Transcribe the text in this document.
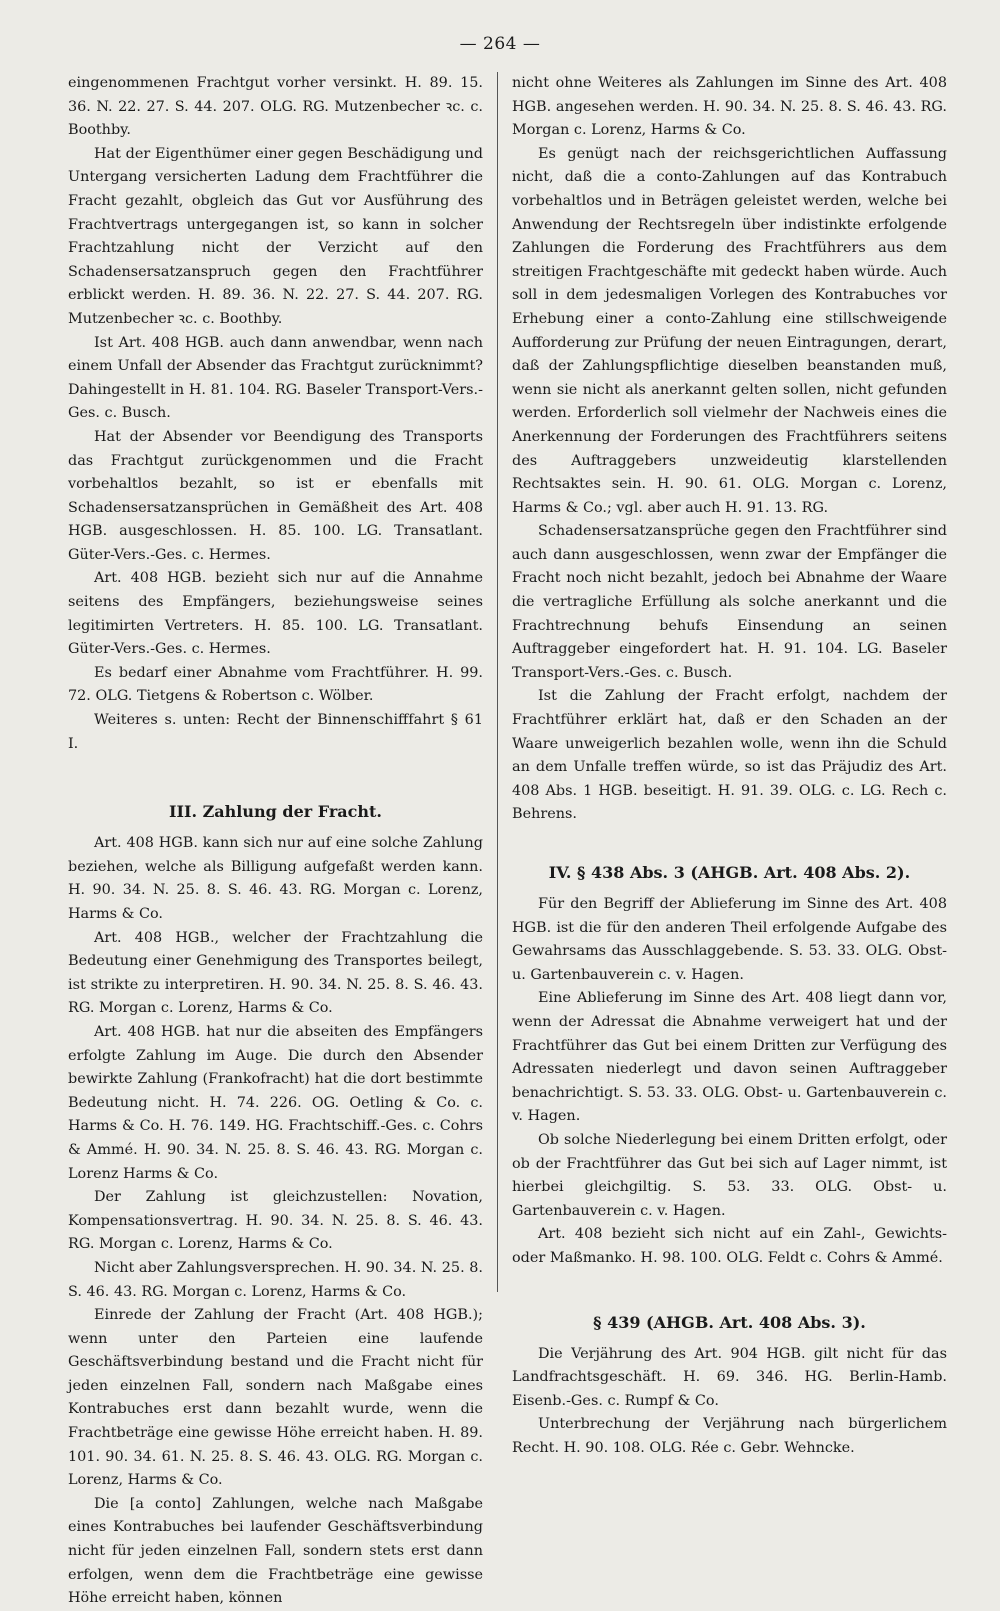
— 264 —

eingenommenen Frachtgut vorher versinkt. H. 89. 15. 36. N. 22. 27. S. 44. 207. OLG. RG. Mutzenbecher ꝛc. c. Boothby.

Hat der Eigenthümer einer gegen Beschädigung und Untergang versicherten Ladung dem Frachtführer die Fracht gezahlt, obgleich das Gut vor Ausführung des Frachtvertrags untergegangen ist, so kann in solcher Frachtzahlung nicht der Verzicht auf den Schadensersatzanspruch gegen den Frachtführer erblickt werden. H. 89. 36. N. 22. 27. S. 44. 207. RG. Mutzenbecher ꝛc. c. Boothby.

Ist Art. 408 HGB. auch dann anwendbar, wenn nach einem Unfall der Absender das Frachtgut zurücknimmt? Dahingestellt in H. 81. 104. RG. Baseler Transport-Vers.-Ges. c. Busch.

Hat der Absender vor Beendigung des Transports das Frachtgut zurückgenommen und die Fracht vorbehaltlos bezahlt, so ist er ebenfalls mit Schadensersatzansprüchen in Gemäßheit des Art. 408 HGB. ausgeschlossen. H. 85. 100. LG. Transatlant. Güter-Vers.-Ges. c. Hermes.

Art. 408 HGB. bezieht sich nur auf die Annahme seitens des Empfängers, beziehungsweise seines legitimirten Vertreters. H. 85. 100. LG. Transatlant. Güter-Vers.-Ges. c. Hermes.

Es bedarf einer Abnahme vom Frachtführer. H. 99. 72. OLG. Tietgens & Robertson c. Wölber.

Weiteres s. unten: Recht der Binnenschifffahrt § 61 I.

III. Zahlung der Fracht.

Art. 408 HGB. kann sich nur auf eine solche Zahlung beziehen, welche als Billigung aufgefaßt werden kann. H. 90. 34. N. 25. 8. S. 46. 43. RG. Morgan c. Lorenz, Harms & Co.

Art. 408 HGB., welcher der Frachtzahlung die Bedeutung einer Genehmigung des Transportes beilegt, ist strikte zu interpretiren. H. 90. 34. N. 25. 8. S. 46. 43. RG. Morgan c. Lorenz, Harms & Co.

Art. 408 HGB. hat nur die abseiten des Empfängers erfolgte Zahlung im Auge. Die durch den Absender bewirkte Zahlung (Frankofracht) hat die dort bestimmte Bedeutung nicht. H. 74. 226. OG. Oetling & Co. c. Harms & Co. H. 76. 149. HG. Frachtschiff.-Ges. c. Cohrs & Ammé. H. 90. 34. N. 25. 8. S. 46. 43. RG. Morgan c. Lorenz Harms & Co.

Der Zahlung ist gleichzustellen: Novation, Kompensationsvertrag. H. 90. 34. N. 25. 8. S. 46. 43. RG. Morgan c. Lorenz, Harms & Co.

Nicht aber Zahlungsversprechen. H. 90. 34. N. 25. 8. S. 46. 43. RG. Morgan c. Lorenz, Harms & Co.

Einrede der Zahlung der Fracht (Art. 408 HGB.); wenn unter den Parteien eine laufende Geschäftsverbindung bestand und die Fracht nicht für jeden einzelnen Fall, sondern nach Maßgabe eines Kontrabuches erst dann bezahlt wurde, wenn die Frachtbeträge eine gewisse Höhe erreicht haben. H. 89. 101. 90. 34. 61. N. 25. 8. S. 46. 43. OLG. RG. Morgan c. Lorenz, Harms & Co.

Die [a conto] Zahlungen, welche nach Maßgabe eines Kontrabuches bei laufender Geschäftsverbindung nicht für jeden einzelnen Fall, sondern stets erst dann erfolgen, wenn dem die Frachtbeträge eine gewisse Höhe erreicht haben, können

nicht ohne Weiteres als Zahlungen im Sinne des Art. 408 HGB. angesehen werden. H. 90. 34. N. 25. 8. S. 46. 43. RG. Morgan c. Lorenz, Harms & Co.

Es genügt nach der reichsgerichtlichen Auffassung nicht, daß die a conto-Zahlungen auf das Kontrabuch vorbehaltlos und in Beträgen geleistet werden, welche bei Anwendung der Rechtsregeln über indistinkte erfolgende Zahlungen die Forderung des Frachtführers aus dem streitigen Frachtgeschäfte mit gedeckt haben würde. Auch soll in dem jedesmaligen Vorlegen des Kontrabuches vor Erhebung einer a conto-Zahlung eine stillschweigende Aufforderung zur Prüfung der neuen Eintragungen, derart, daß der Zahlungspflichtige dieselben beanstanden muß, wenn sie nicht als anerkannt gelten sollen, nicht gefunden werden. Erforderlich soll vielmehr der Nachweis eines die Anerkennung der Forderungen des Frachtführers seitens des Auftraggebers unzweideutig klarstellenden Rechtsaktes sein. H. 90. 61. OLG. Morgan c. Lorenz, Harms & Co.; vgl. aber auch H. 91. 13. RG.

Schadensersatzansprüche gegen den Frachtführer sind auch dann ausgeschlossen, wenn zwar der Empfänger die Fracht noch nicht bezahlt, jedoch bei Abnahme der Waare die vertragliche Erfüllung als solche anerkannt und die Frachtrechnung behufs Einsendung an seinen Auftraggeber eingefordert hat. H. 91. 104. LG. Baseler Transport-Vers.-Ges. c. Busch.

Ist die Zahlung der Fracht erfolgt, nachdem der Frachtführer erklärt hat, daß er den Schaden an der Waare unweigerlich bezahlen wolle, wenn ihn die Schuld an dem Unfalle treffen würde, so ist das Präjudiz des Art. 408 Abs. 1 HGB. beseitigt. H. 91. 39. OLG. c. LG. Rech c. Behrens.

IV. § 438 Abs. 3 (AHGB. Art. 408 Abs. 2).

Für den Begriff der Ablieferung im Sinne des Art. 408 HGB. ist die für den anderen Theil erfolgende Aufgabe des Gewahrsams das Ausschlaggebende. S. 53. 33. OLG. Obst- u. Gartenbauverein c. v. Hagen.

Eine Ablieferung im Sinne des Art. 408 liegt dann vor, wenn der Adressat die Abnahme verweigert hat und der Frachtführer das Gut bei einem Dritten zur Verfügung des Adressaten niederlegt und davon seinen Auftraggeber benachrichtigt. S. 53. 33. OLG. Obst- u. Gartenbauverein c. v. Hagen.

Ob solche Niederlegung bei einem Dritten erfolgt, oder ob der Frachtführer das Gut bei sich auf Lager nimmt, ist hierbei gleichgiltig. S. 53. 33. OLG. Obst- u. Gartenbauverein c. v. Hagen.

Art. 408 bezieht sich nicht auf ein Zahl-, Gewichts- oder Maßmanko. H. 98. 100. OLG. Feldt c. Cohrs & Ammé.

§ 439 (AHGB. Art. 408 Abs. 3).

Die Verjährung des Art. 904 HGB. gilt nicht für das Landfrachtsgeschäft. H. 69. 346. HG. Berlin-Hamb. Eisenb.-Ges. c. Rumpf & Co.

Unterbrechung der Verjährung nach bürgerlichem Recht. H. 90. 108. OLG. Rée c. Gebr. Wehncke.
